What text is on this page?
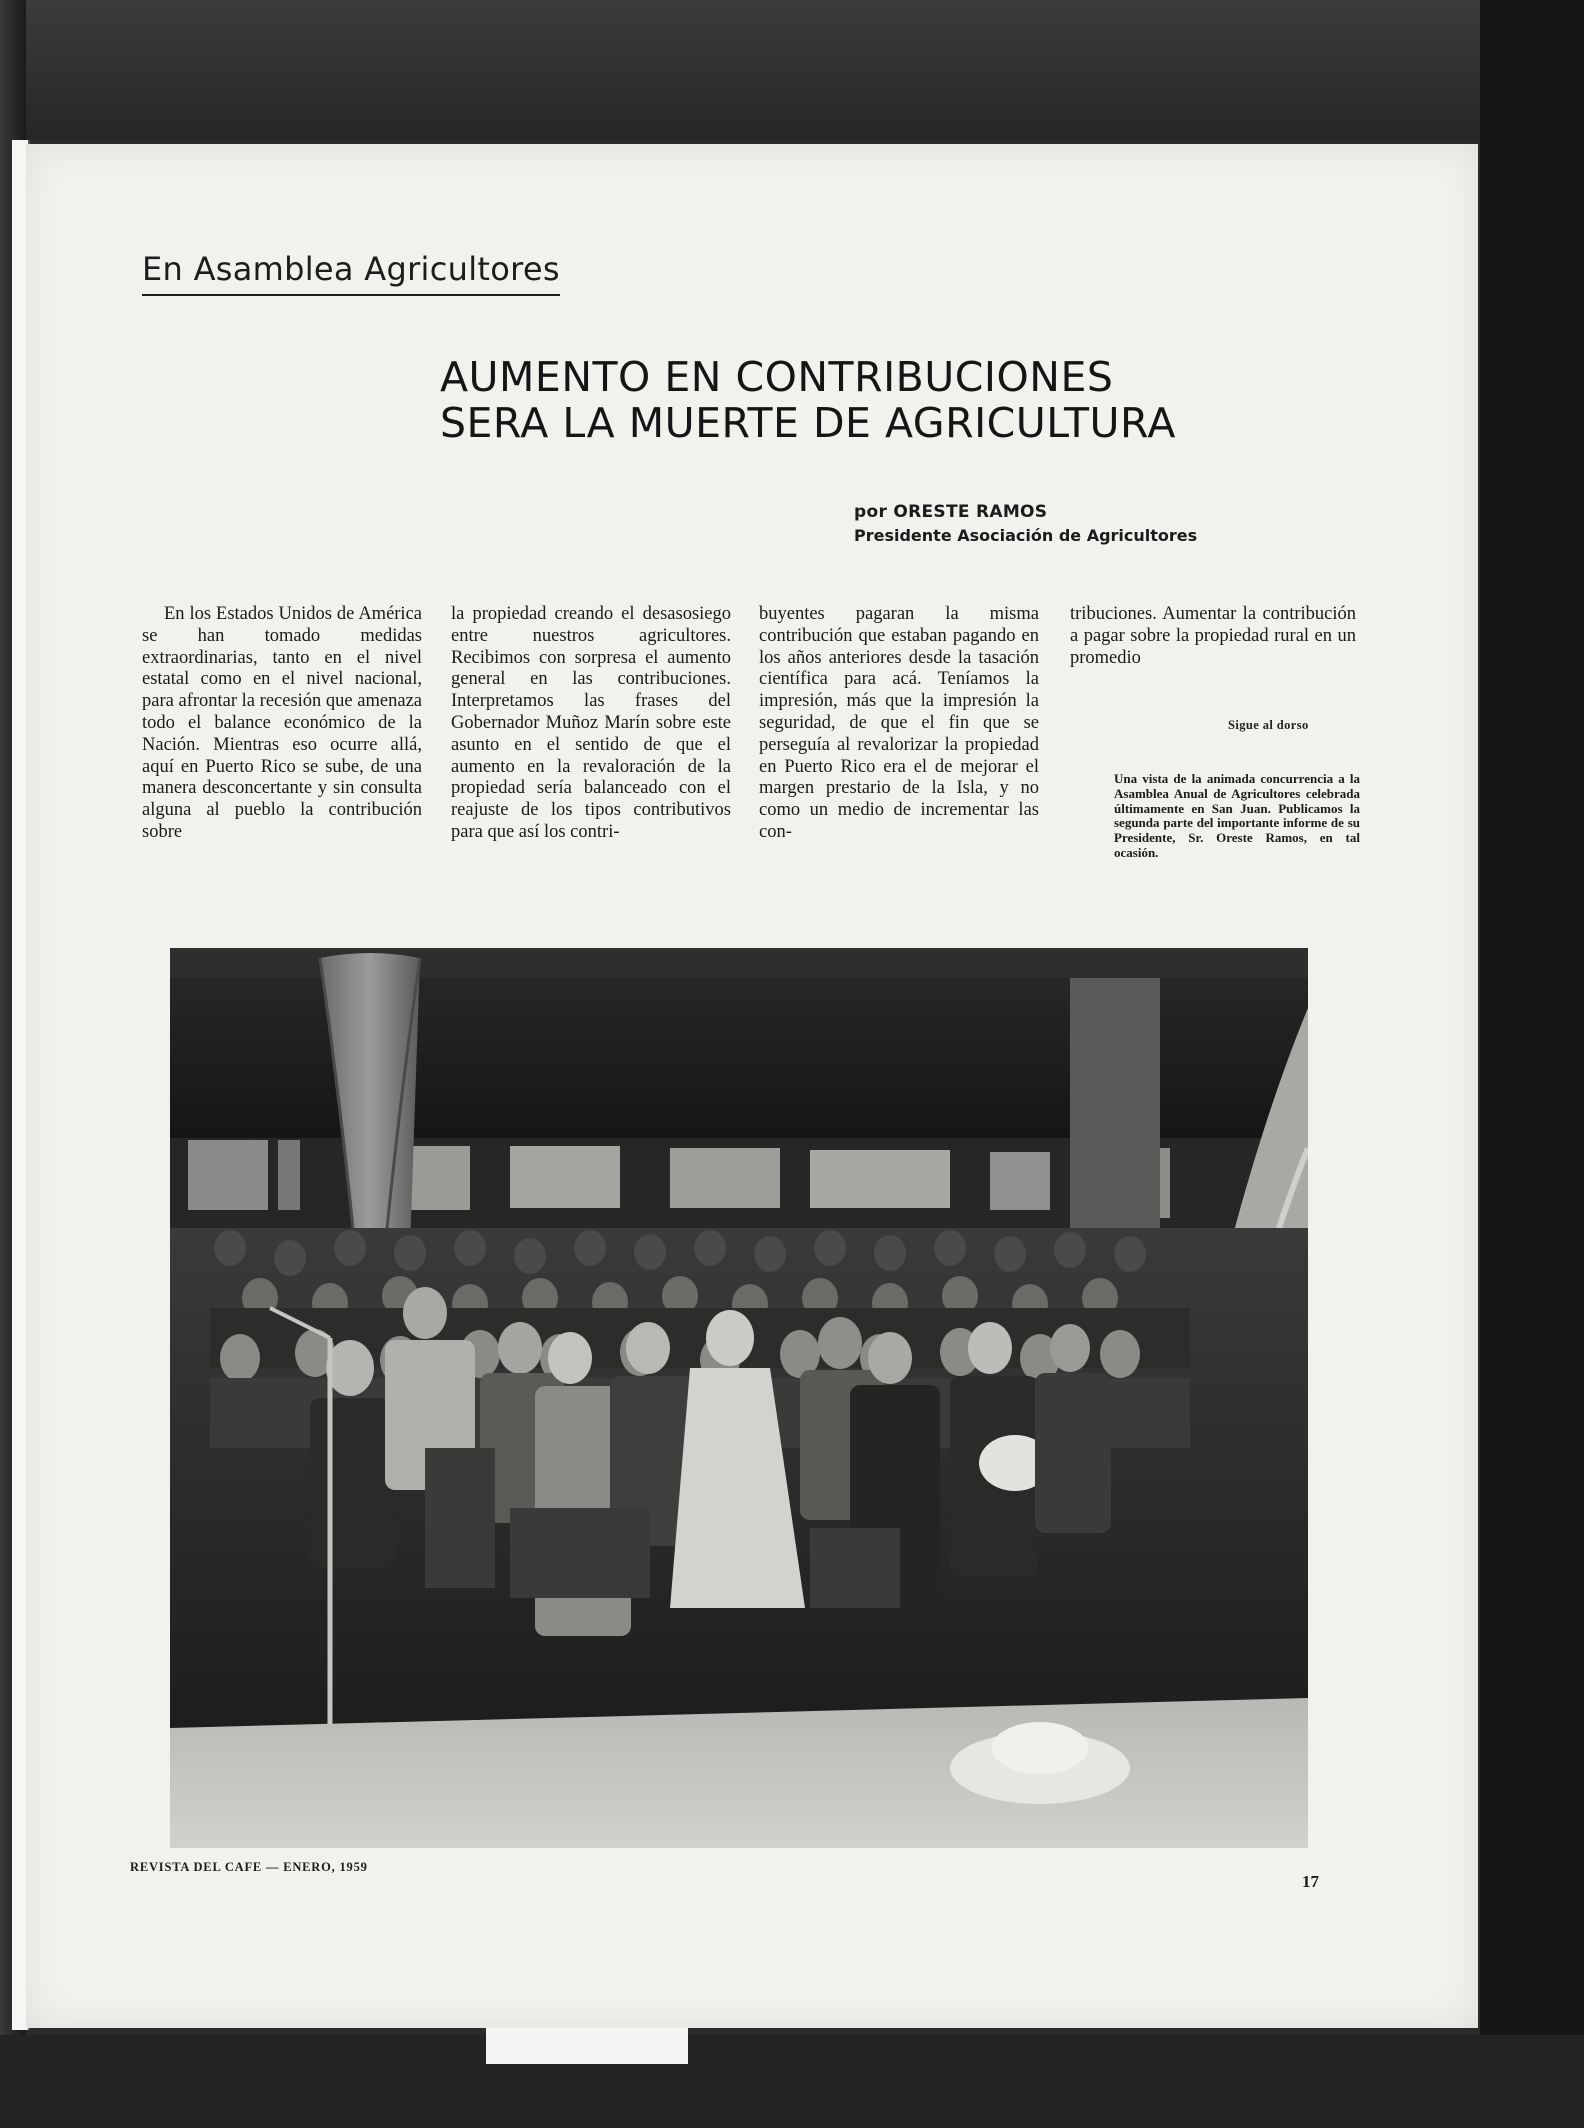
En Asamblea Agricultores
AUMENTO EN CONTRIBUCIONES
SERA LA MUERTE DE AGRICULTURA
por ORESTE RAMOS
Presidente Asociación de Agricultores
En los Estados Unidos de América se han tomado medidas extraordinarias, tanto en el nivel estatal como en el nivel nacional, para afrontar la recesión que amenaza todo el balance económico de la Nación. Mientras eso ocurre allá, aquí en Puerto Rico se sube, de una manera desconcertante y sin consulta alguna al pueblo la contribución sobre
la propiedad creando el desasosiego entre nuestros agricultores. Recibimos con sorpresa el aumento general en las contribuciones. Interpretamos las frases del Gobernador Muñoz Marín sobre este asunto en el sentido de que el aumento en la revaloración de la propiedad sería balanceado con el reajuste de los tipos contributivos para que así los contri-
buyentes pagaran la misma contribución que estaban pagando en los años anteriores desde la tasación científica para acá. Teníamos la impresión, más que la impresión la seguridad, de que el fin que se perseguía al revalorizar la propiedad en Puerto Rico era el de mejorar el margen prestario de la Isla, y no como un medio de incrementar las con-
tribuciones. Aumentar la contribución a pagar sobre la propiedad rural en un promedio
Sigue al dorso
Una vista de la animada concurrencia a la Asamblea Anual de Agricultores celebrada últimamente en San Juan. Publicamos la segunda parte del importante informe de su Presidente, Sr. Oreste Ramos, en tal ocasión.
REVISTA DEL CAFE — ENERO, 1959
17
